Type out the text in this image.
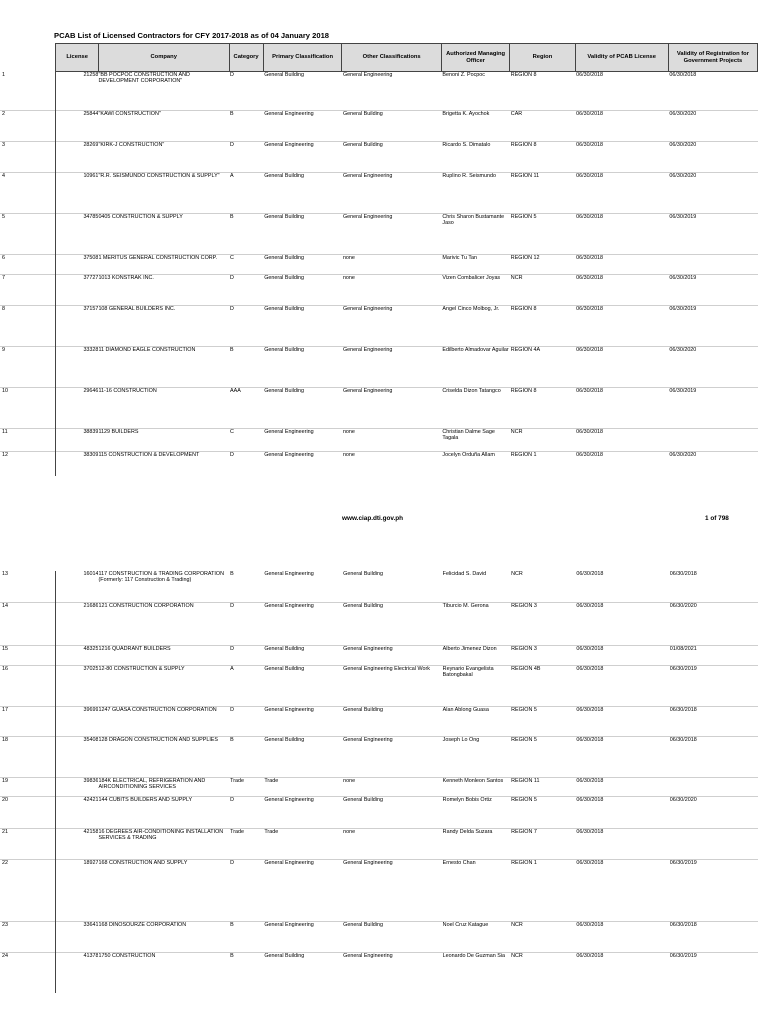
PCAB List of Licensed Contractors for CFY 2017-2018 as of 04 January 2018
	License	Company	Category	Primary Classification	Other Classifications	Authorized Managing Officer	Region	Validity of PCAB License	Validity of Registration for Government Projects
1	21258	"BB POCPOC CONSTRUCTION AND DEVELOPMENT CORPORATION"	D	General Building	General Engineering	Benoni Z. Pocpoc	REGION 8	06/30/2018	06/30/2018
2	25844	"KAWI CONSTRUCTION"	B	General Engineering	General Building	Brigetta K. Ayochok	CAR	06/30/2018	06/30/2020
3	28269	"KIRK-J CONSTRUCTION"	D	General Engineering	General Building	Ricardo S. Dimatalo	REGION 8	06/30/2018	06/30/2020
4	10961	"R.R. SEISMUNDO CONSTRUCTION & SUPPLY"	A	General Building	General Engineering	Ruplino R. Seismundo	REGION 11	06/30/2018	06/30/2020
5	34785	0405 CONSTRUCTION & SUPPLY	B	General Building	General Engineering	Chris Sharon Bustamante Jaso	REGION 5	06/30/2018	06/30/2019
6	37508	1 MERITUS GENERAL CONSTRUCTION CORP.	C	General Building	none	Marivic Tu Tan	REGION 12	06/30/2018	
7	37727	1013 KONSTRAK INC.	D	General Building	none	Vizen Combalicer Joyas	NCR	06/30/2018	06/30/2019
8	37157	108 GENERAL BUILDERS INC.	D	General Building	General Engineering	Angel Cinco Molbog, Jr.	REGION 8	06/30/2018	06/30/2019
9	33328	11 DIAMOND EAGLE CONSTRUCTION	B	General Building	General Engineering	Edilberto Almadovar Aguilar	REGION 4A	06/30/2018	06/30/2020
10	29646	11-16 CONSTRUCTION	AAA	General Building	General Engineering	Criselda Dizon Tatangco	REGION 8	06/30/2018	06/30/2019
11	38839	1129 BUILDERS	C	General Engineering	none	Christian Dalme Sage Tagala	NCR	06/30/2018	
12	38309	115 CONSTRUCTION & DEVELOPMENT	D	General Engineering	none	Jocelyn Orduña Allam	REGION 1	06/30/2018	06/30/2020
www.ciap.dti.gov.ph	1 of 798
13	16014	117 CONSTRUCTION & TRADING CORPORATION (Formerly: 117 Construction & Trading)	B	General Engineering	General Building	Felicidad S. David	NCR	06/30/2018	06/30/2018
14	21686	121 CONSTRUCTION CORPORATION	D	General Engineering	General Building	Tiburcio M. Gerona	REGION 3	06/30/2018	06/30/2020
15	48325	1216 QUADRANT BUILDERS	D	General Building	General Engineering	Alberto Jimenez Dizon	REGION 3	06/30/2018	01/08/2021
16	37025	12-80 CONSTRUCTION & SUPPLY	A	General Building	General Engineering Electrical Work	Reynario Evangelista Batongbakal	REGION 4B	06/30/2018	06/30/2019
17	39699	1247 GUASA CONSTRUCTION CORPORATION	D	General Engineering	General Building	Alan Ablong Guasa	REGION 5	06/30/2018	06/30/2018
18	35408	128 DRAGON CONSTRUCTION AND SUPPLIES	B	General Building	General Engineering	Joseph Lo Ong	REGION 5	06/30/2018	06/30/2018
19	39836	184K ELECTRICAL, REFRIGERATION AND AIRCONDITIONING SERVICES	Trade	Trade	none	Kenneth Monleon Santos	REGION 11	06/30/2018	
20	42421	144 CUBITS BUILDERS AND SUPPLY	D	General Engineering	General Building	Romelyn Bobis Ortiz	REGION 5	06/30/2018	06/30/2020
21	42158	16 DEGREES AIR-CONDITIONING INSTALLATION SERVICES & TRADING	Trade	Trade	none	Randy Delda Suzara	REGION 7	06/30/2018	
22	18927	168 CONSTRUCTION AND SUPPLY	D	General Engineering	General Engineering	Ernesto Chan	REGION 1	06/30/2018	06/30/2019
23	33641	168 DINOSOURZE CORPORATION	B	General Engineering	General Building	Noel Cruz Katague	NCR	06/30/2018	06/30/2018
24	41378	1750 CONSTRUCTION	B	General Building	General Engineering	Leonardo De Guzman Sia	NCR	06/30/2018	06/30/2019
